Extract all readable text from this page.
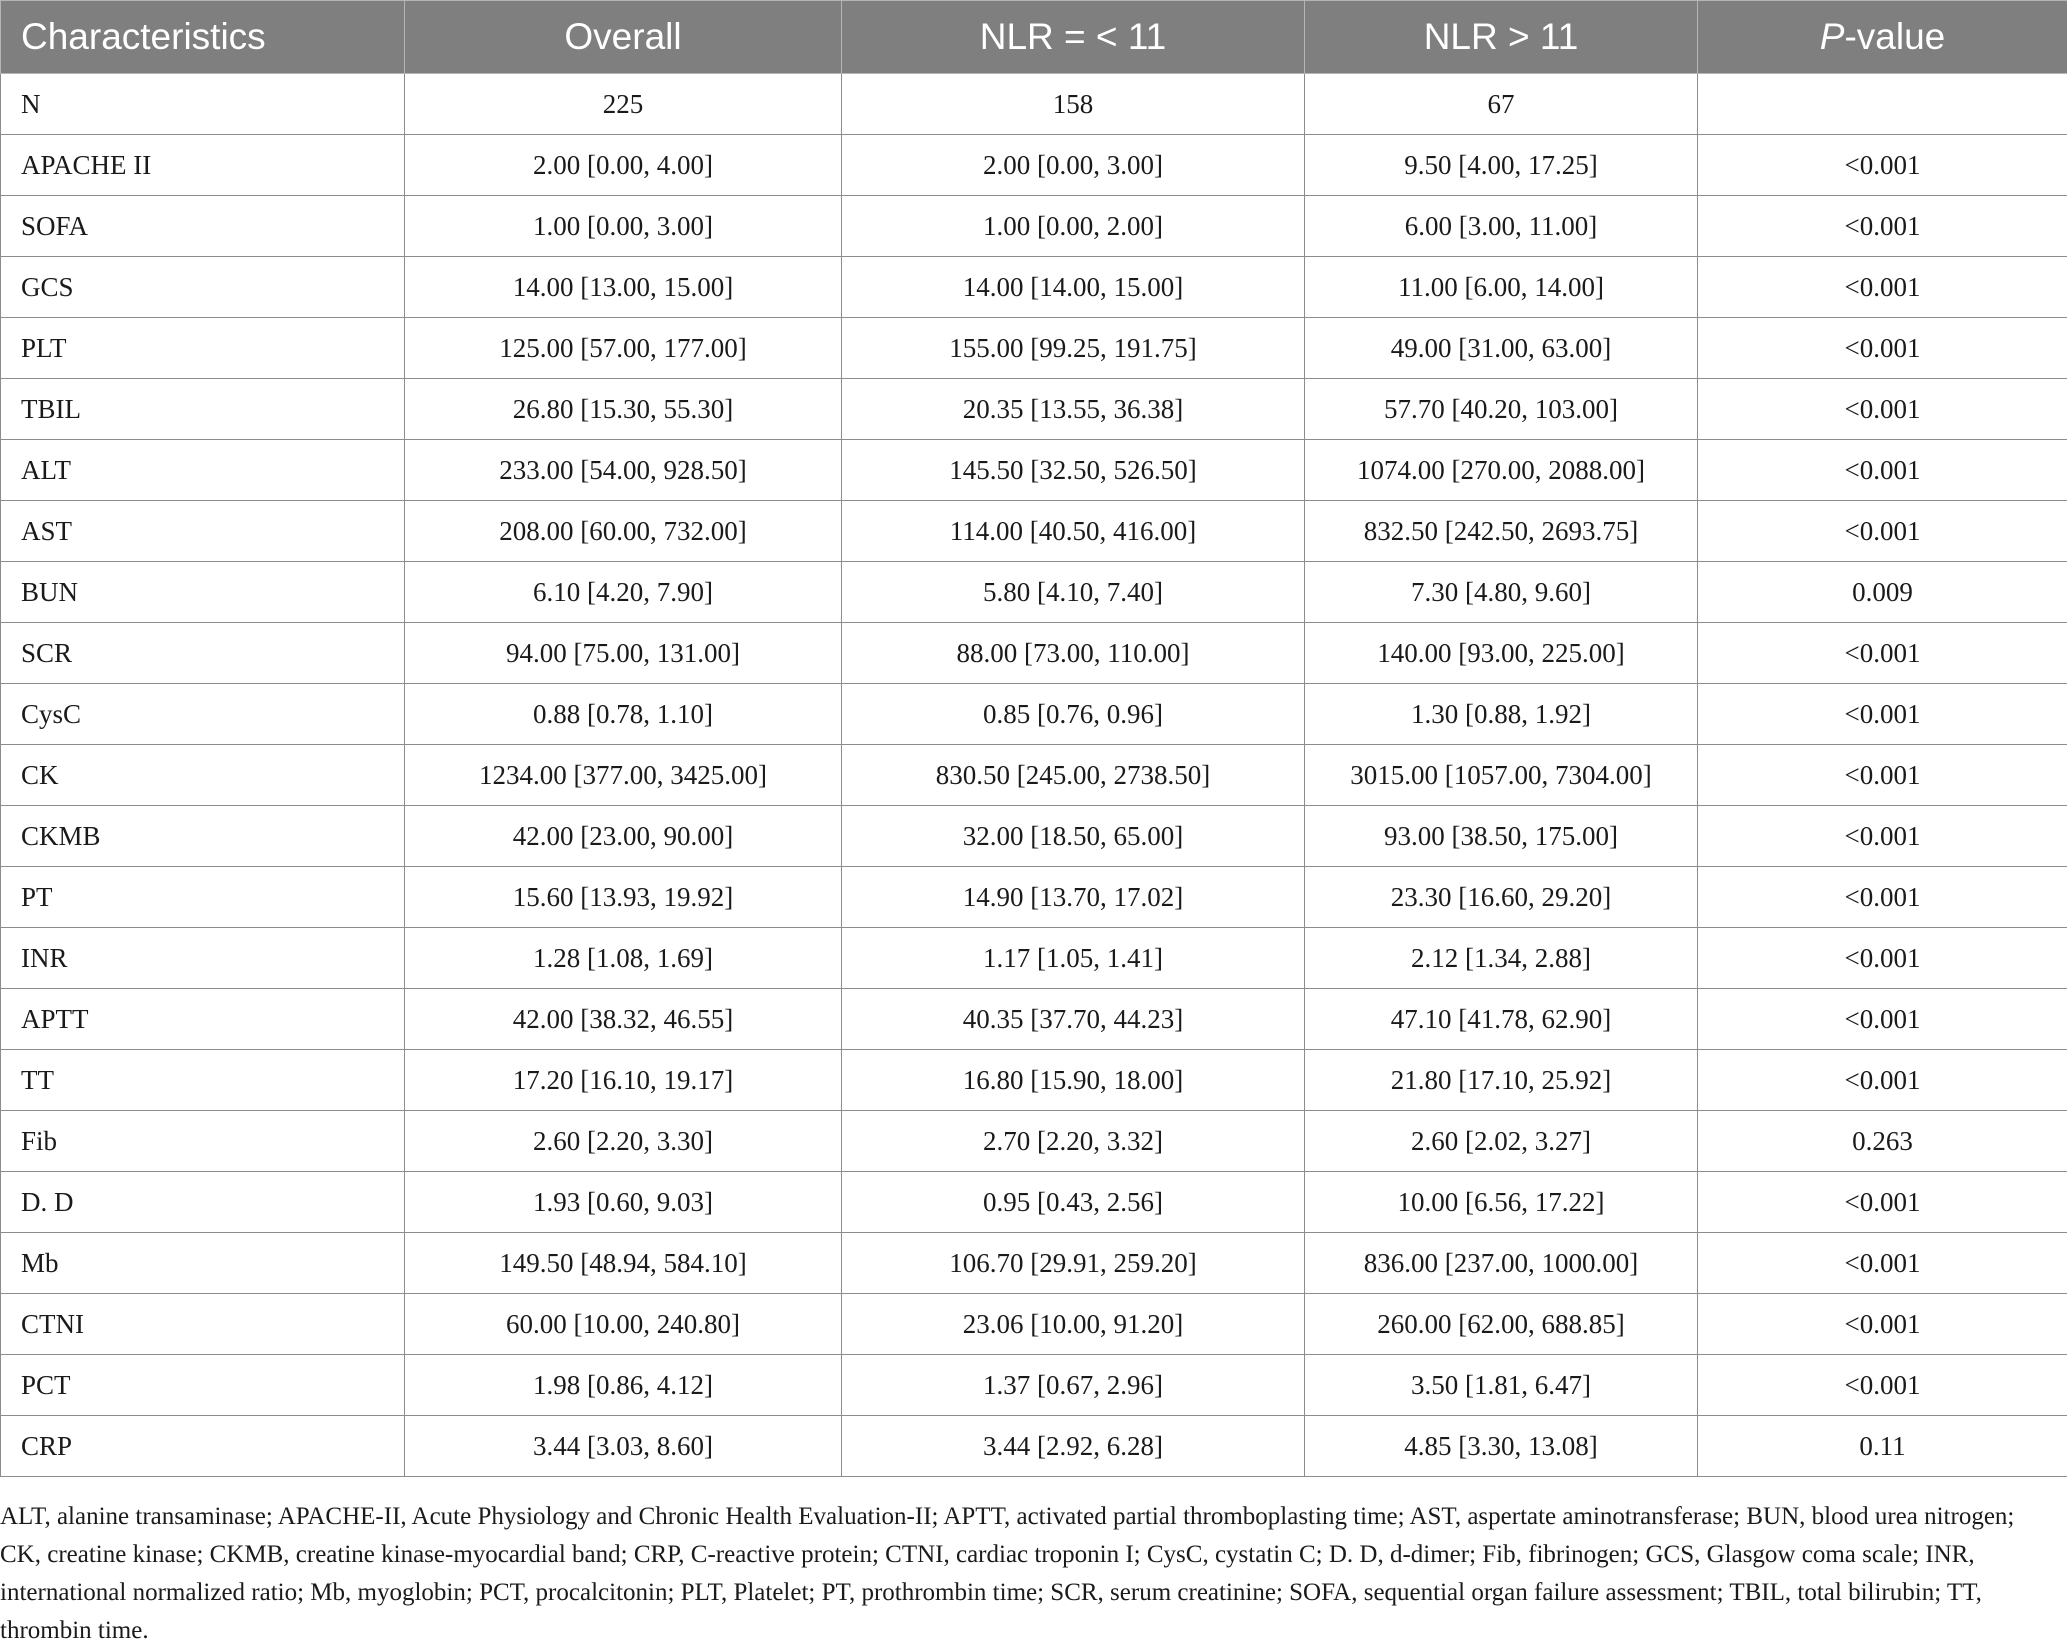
Characteristics	Overall	NLR = < 11	NLR > 11	P-value
N	225	158	67	
APACHE II	2.00 [0.00, 4.00]	2.00 [0.00, 3.00]	9.50 [4.00, 17.25]	<0.001
SOFA	1.00 [0.00, 3.00]	1.00 [0.00, 2.00]	6.00 [3.00, 11.00]	<0.001
GCS	14.00 [13.00, 15.00]	14.00 [14.00, 15.00]	11.00 [6.00, 14.00]	<0.001
PLT	125.00 [57.00, 177.00]	155.00 [99.25, 191.75]	49.00 [31.00, 63.00]	<0.001
TBIL	26.80 [15.30, 55.30]	20.35 [13.55, 36.38]	57.70 [40.20, 103.00]	<0.001
ALT	233.00 [54.00, 928.50]	145.50 [32.50, 526.50]	1074.00 [270.00, 2088.00]	<0.001
AST	208.00 [60.00, 732.00]	114.00 [40.50, 416.00]	832.50 [242.50, 2693.75]	<0.001
BUN	6.10 [4.20, 7.90]	5.80 [4.10, 7.40]	7.30 [4.80, 9.60]	0.009
SCR	94.00 [75.00, 131.00]	88.00 [73.00, 110.00]	140.00 [93.00, 225.00]	<0.001
CysC	0.88 [0.78, 1.10]	0.85 [0.76, 0.96]	1.30 [0.88, 1.92]	<0.001
CK	1234.00 [377.00, 3425.00]	830.50 [245.00, 2738.50]	3015.00 [1057.00, 7304.00]	<0.001
CKMB	42.00 [23.00, 90.00]	32.00 [18.50, 65.00]	93.00 [38.50, 175.00]	<0.001
PT	15.60 [13.93, 19.92]	14.90 [13.70, 17.02]	23.30 [16.60, 29.20]	<0.001
INR	1.28 [1.08, 1.69]	1.17 [1.05, 1.41]	2.12 [1.34, 2.88]	<0.001
APTT	42.00 [38.32, 46.55]	40.35 [37.70, 44.23]	47.10 [41.78, 62.90]	<0.001
TT	17.20 [16.10, 19.17]	16.80 [15.90, 18.00]	21.80 [17.10, 25.92]	<0.001
Fib	2.60 [2.20, 3.30]	2.70 [2.20, 3.32]	2.60 [2.02, 3.27]	0.263
D. D	1.93 [0.60, 9.03]	0.95 [0.43, 2.56]	10.00 [6.56, 17.22]	<0.001
Mb	149.50 [48.94, 584.10]	106.70 [29.91, 259.20]	836.00 [237.00, 1000.00]	<0.001
CTNI	60.00 [10.00, 240.80]	23.06 [10.00, 91.20]	260.00 [62.00, 688.85]	<0.001
PCT	1.98 [0.86, 4.12]	1.37 [0.67, 2.96]	3.50 [1.81, 6.47]	<0.001
CRP	3.44 [3.03, 8.60]	3.44 [2.92, 6.28]	4.85 [3.30, 13.08]	0.11
ALT, alanine transaminase; APACHE-II, Acute Physiology and Chronic Health Evaluation-II; APTT, activated partial thromboplasting time; AST, aspertate aminotransferase; BUN, blood urea nitrogen; CK, creatine kinase; CKMB, creatine kinase-myocardial band; CRP, C-reactive protein; CTNI, cardiac troponin I; CysC, cystatin C; D. D, d-dimer; Fib, fibrinogen; GCS, Glasgow coma scale; INR, international normalized ratio; Mb, myoglobin; PCT, procalcitonin; PLT, Platelet; PT, prothrombin time; SCR, serum creatinine; SOFA, sequential organ failure assessment; TBIL, total bilirubin; TT, thrombin time.
